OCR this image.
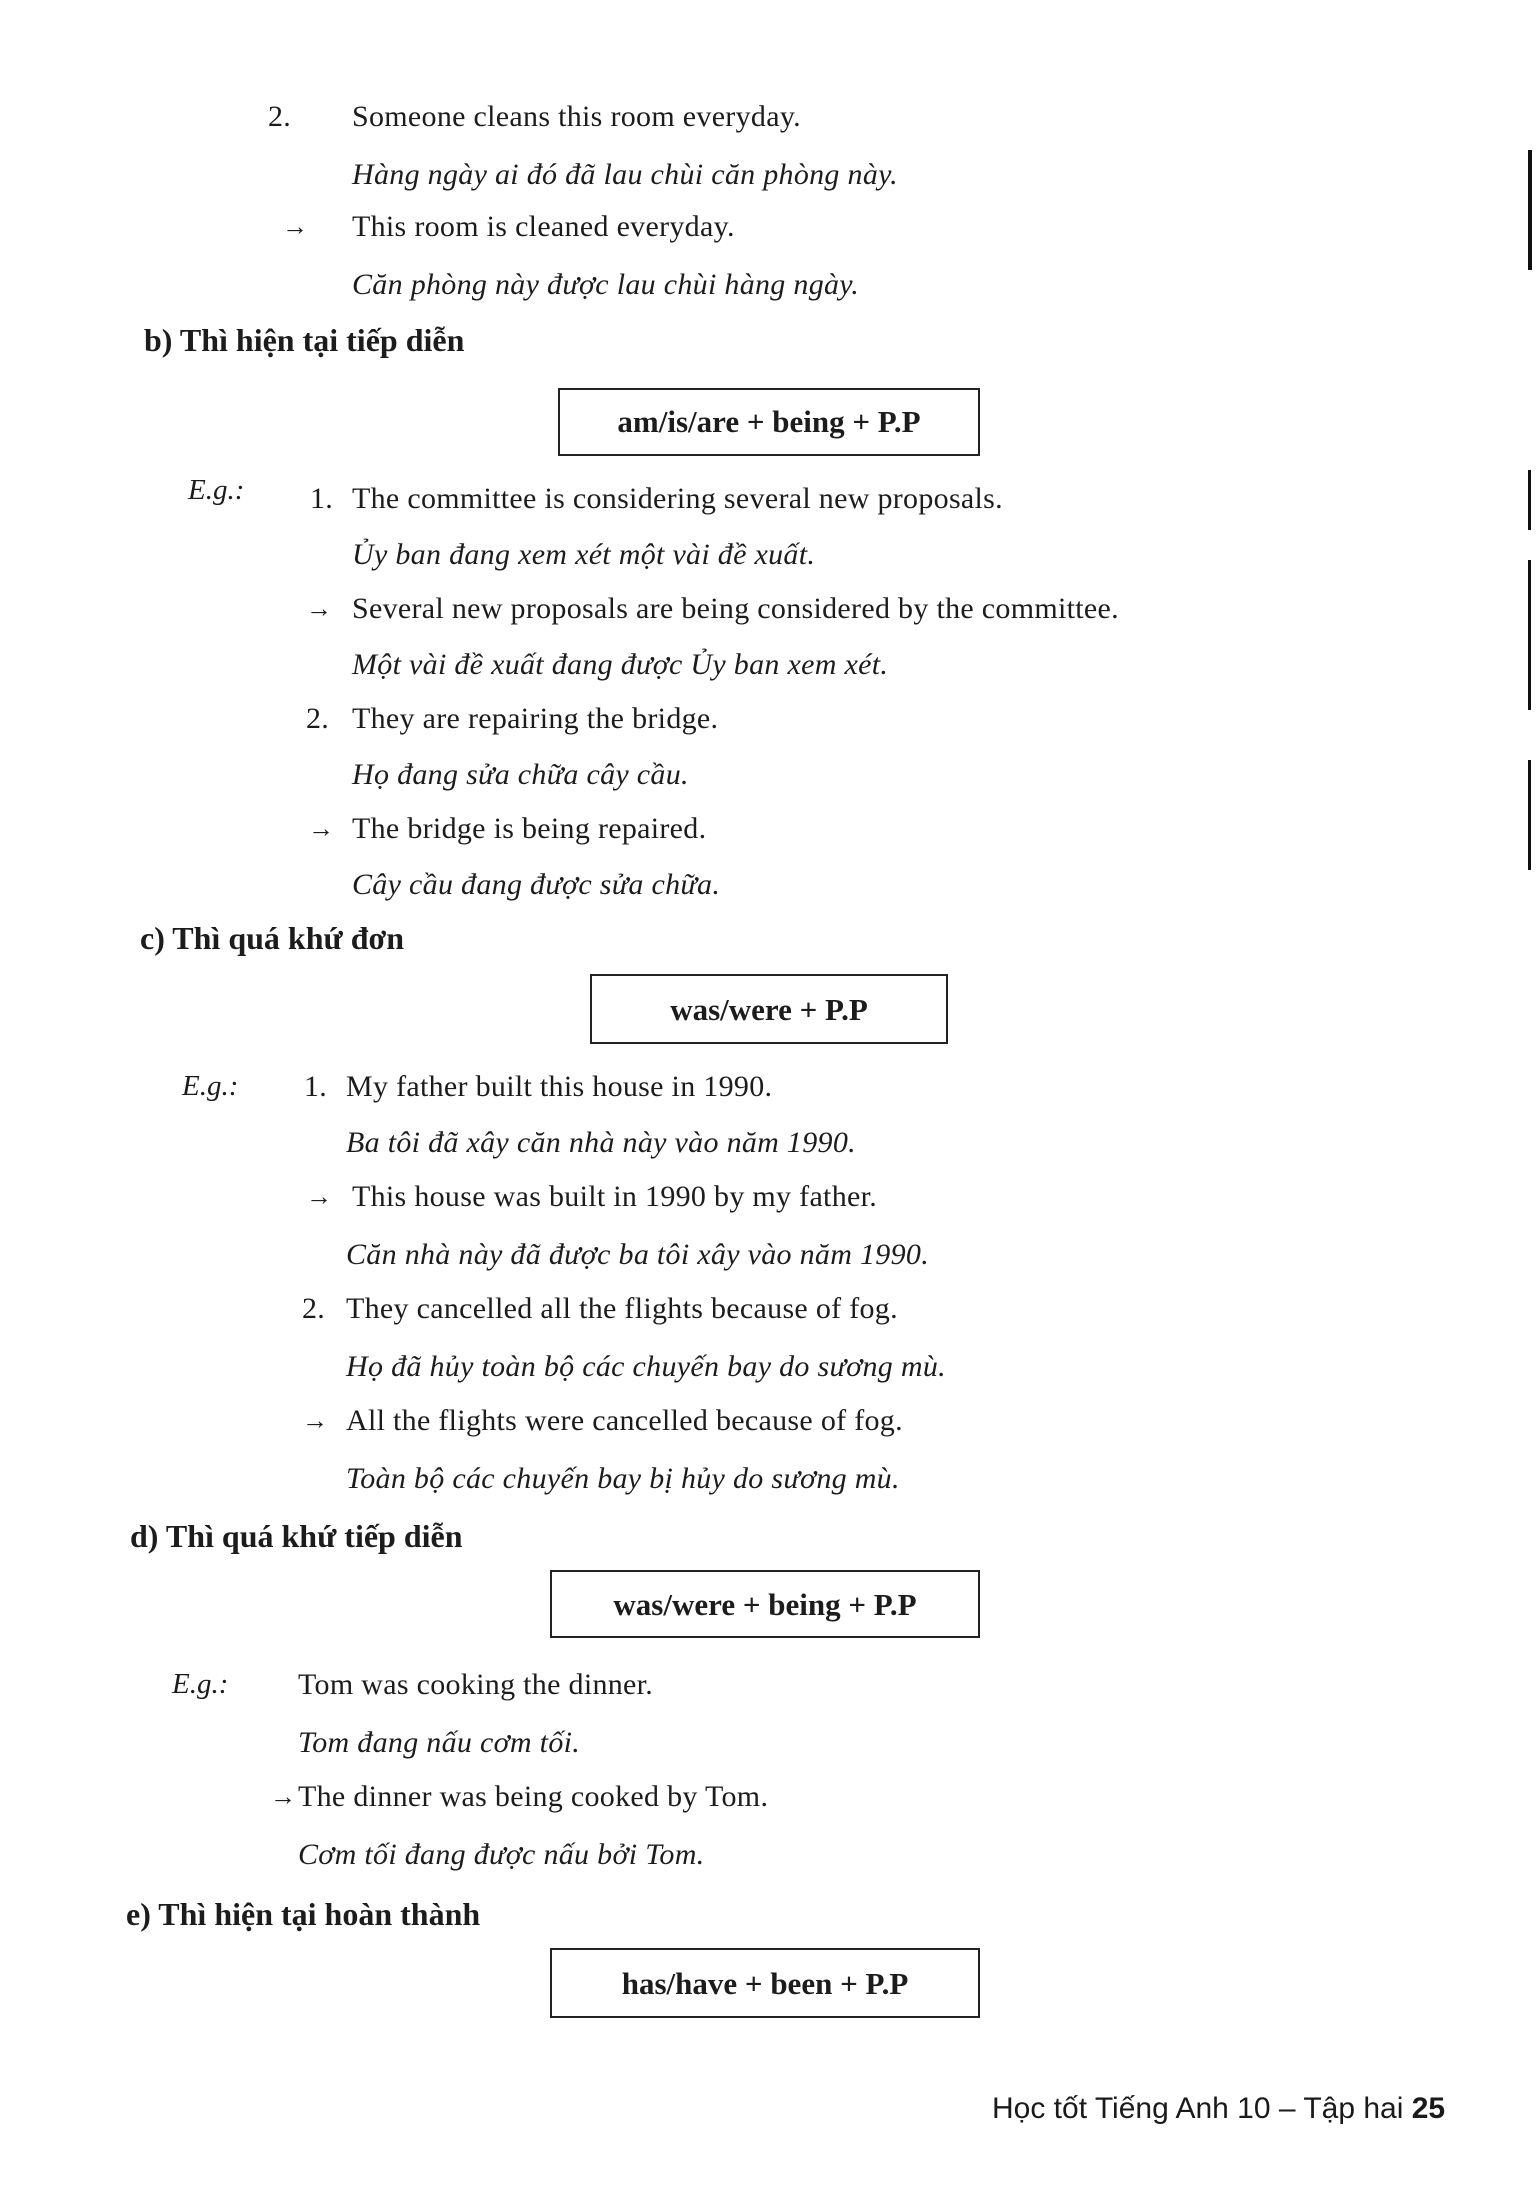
2. Someone cleans this room everyday.
Hàng ngày ai đó đã lau chùi căn phòng này.
→ This room is cleaned everyday.
Căn phòng này được lau chùi hàng ngày.
b) Thì hiện tại tiếp diễn
am/is/are + being + P.P
E.g.: 1. The committee is considering several new proposals.
Ủy ban đang xem xét một vài đề xuất.
→ Several new proposals are being considered by the committee.
Một vài đề xuất đang được Ủy ban xem xét.
2. They are repairing the bridge.
Họ đang sửa chữa cây cầu.
→ The bridge is being repaired.
Cây cầu đang được sửa chữa.
c) Thì quá khứ đơn
was/were + P.P
E.g.: 1. My father built this house in 1990.
Ba tôi đã xây căn nhà này vào năm 1990.
→ This house was built in 1990 by my father.
Căn nhà này đã được ba tôi xây vào năm 1990.
2. They cancelled all the flights because of fog.
Họ đã hủy toàn bộ các chuyến bay do sương mù.
→ All the flights were cancelled because of fog.
Toàn bộ các chuyến bay bị hủy do sương mù.
d) Thì quá khứ tiếp diễn
was/were + being + P.P
E.g.: Tom was cooking the dinner.
Tom đang nấu cơm tối.
→ The dinner was being cooked by Tom.
Cơm tối đang được nấu bởi Tom.
e) Thì hiện tại hoàn thành
has/have + been + P.P
Học tốt Tiếng Anh 10 – Tập hai 25
